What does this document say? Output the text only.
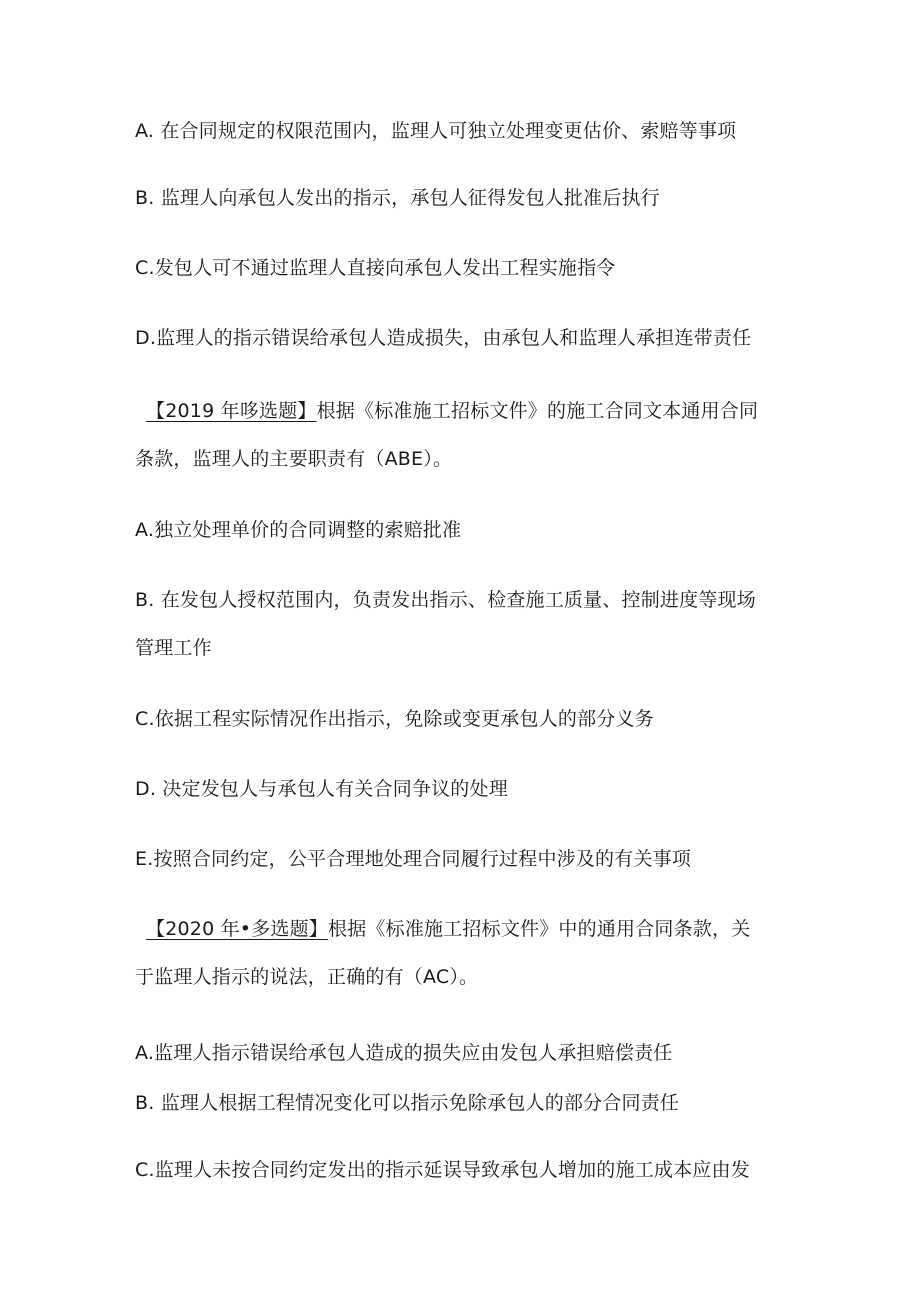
A. 在合同规定的权限范围内，监理人可独立处理变更估价、索赔等事项
B. 监理人向承包人发出的指示，承包人征得发包人批准后执行
C.发包人可不通过监理人直接向承包人发出工程实施指令
D.监理人的指示错误给承包人造成损失，由承包人和监理人承担连带责任
【2019 年哆选题】根据《标准施工招标文件》的施工合同文本通用合同
条款，监理人的主要职责有（ABE）。
A.独立处理单价的合同调整的索赔批准
B. 在发包人授权范围内，负责发出指示、检查施工质量、控制进度等现场
管理工作
C.依据工程实际情况作出指示，免除或变更承包人的部分义务
D. 决定发包人与承包人有关合同争议的处理
E.按照合同约定，公平合理地处理合同履行过程中涉及的有关事项
【2020 年•多选题】根据《标准施工招标文件》中的通用合同条款，关
于监理人指示的说法，正确的有（AC）。
A.监理人指示错误给承包人造成的损失应由发包人承担赔偿责任
B. 监理人根据工程情况变化可以指示免除承包人的部分合同责任
C.监理人未按合同约定发出的指示延误导致承包人增加的施工成本应由发
